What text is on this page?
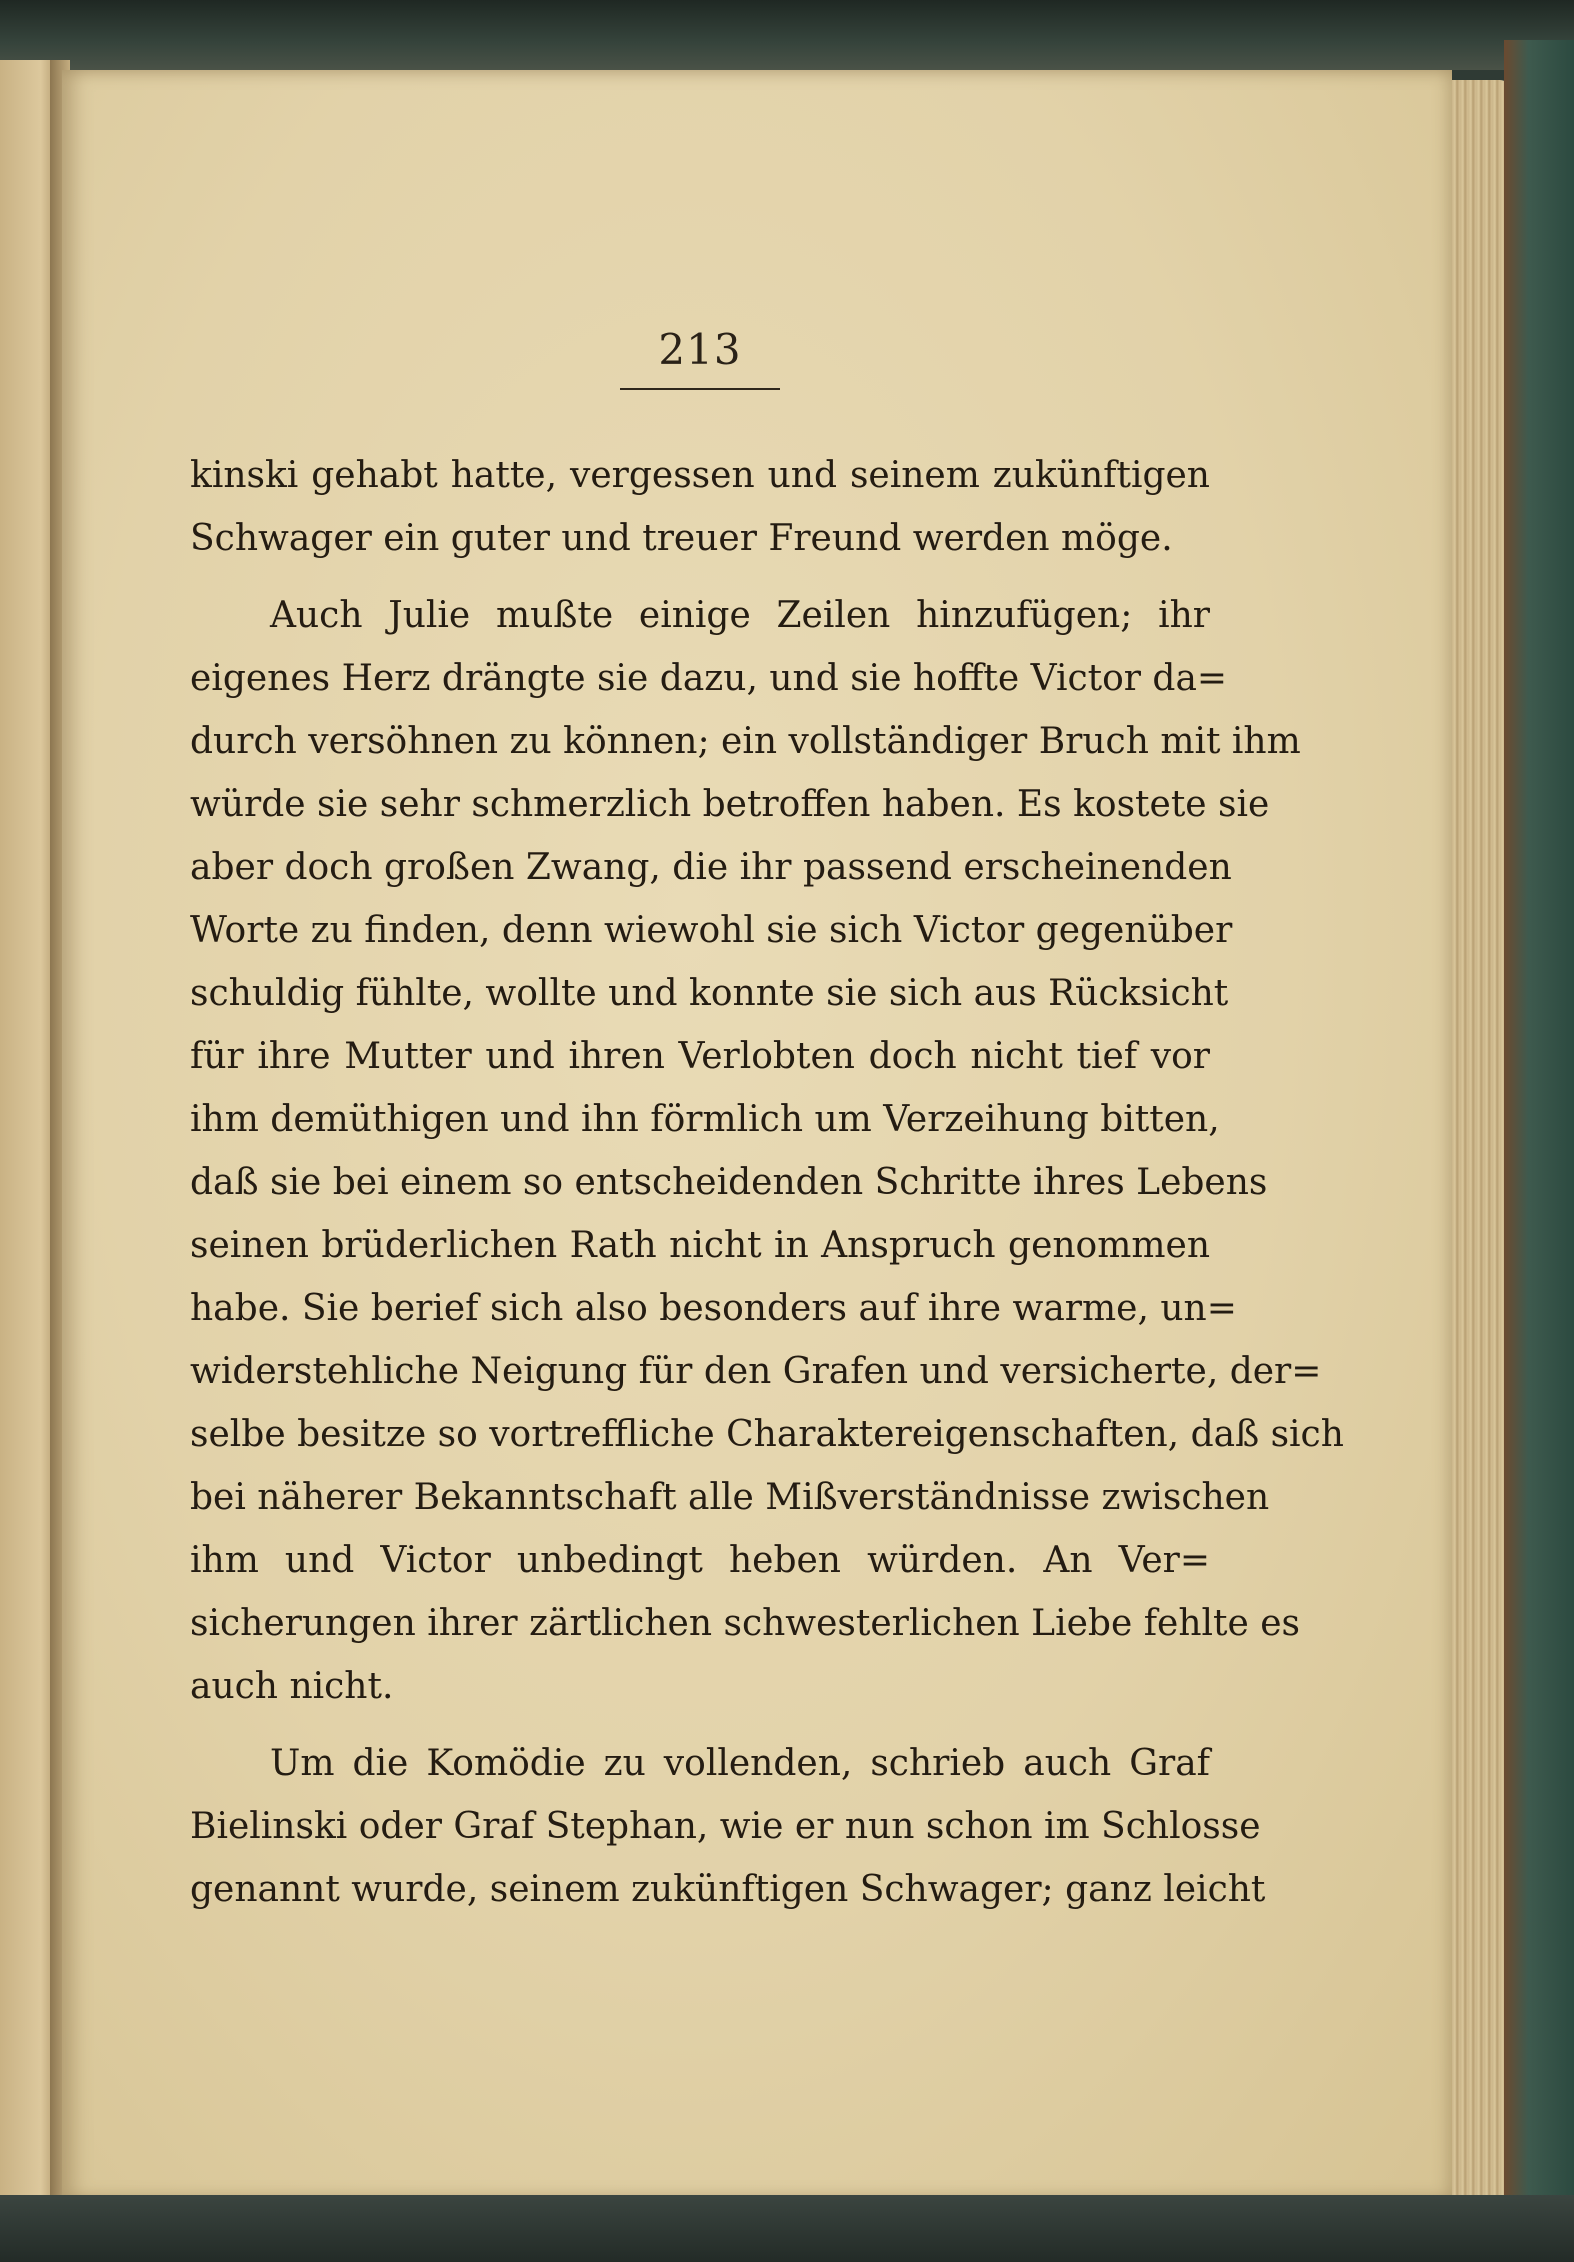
213
kinski gehabt hatte, vergessen und seinem zukünftigen
Schwager ein guter und treuer Freund werden möge.
Auch Julie mußte einige Zeilen hinzufügen; ihr
eigenes Herz drängte sie dazu, und sie hoffte Victor da=
durch versöhnen zu können; ein vollständiger Bruch mit ihm
würde sie sehr schmerzlich betroffen haben. Es kostete sie
aber doch großen Zwang, die ihr passend erscheinenden
Worte zu finden, denn wiewohl sie sich Victor gegenüber
schuldig fühlte, wollte und konnte sie sich aus Rücksicht
für ihre Mutter und ihren Verlobten doch nicht tief vor
ihm demüthigen und ihn förmlich um Verzeihung bitten,
daß sie bei einem so entscheidenden Schritte ihres Lebens
seinen brüderlichen Rath nicht in Anspruch genommen
habe. Sie berief sich also besonders auf ihre warme, un=
widerstehliche Neigung für den Grafen und versicherte, der=
selbe besitze so vortreffliche Charaktereigenschaften, daß sich
bei näherer Bekanntschaft alle Mißverständnisse zwischen
ihm und Victor unbedingt heben würden. An Ver=
sicherungen ihrer zärtlichen schwesterlichen Liebe fehlte es
auch nicht.
Um die Komödie zu vollenden, schrieb auch Graf
Bielinski oder Graf Stephan, wie er nun schon im Schlosse
genannt wurde, seinem zukünftigen Schwager; ganz leicht
